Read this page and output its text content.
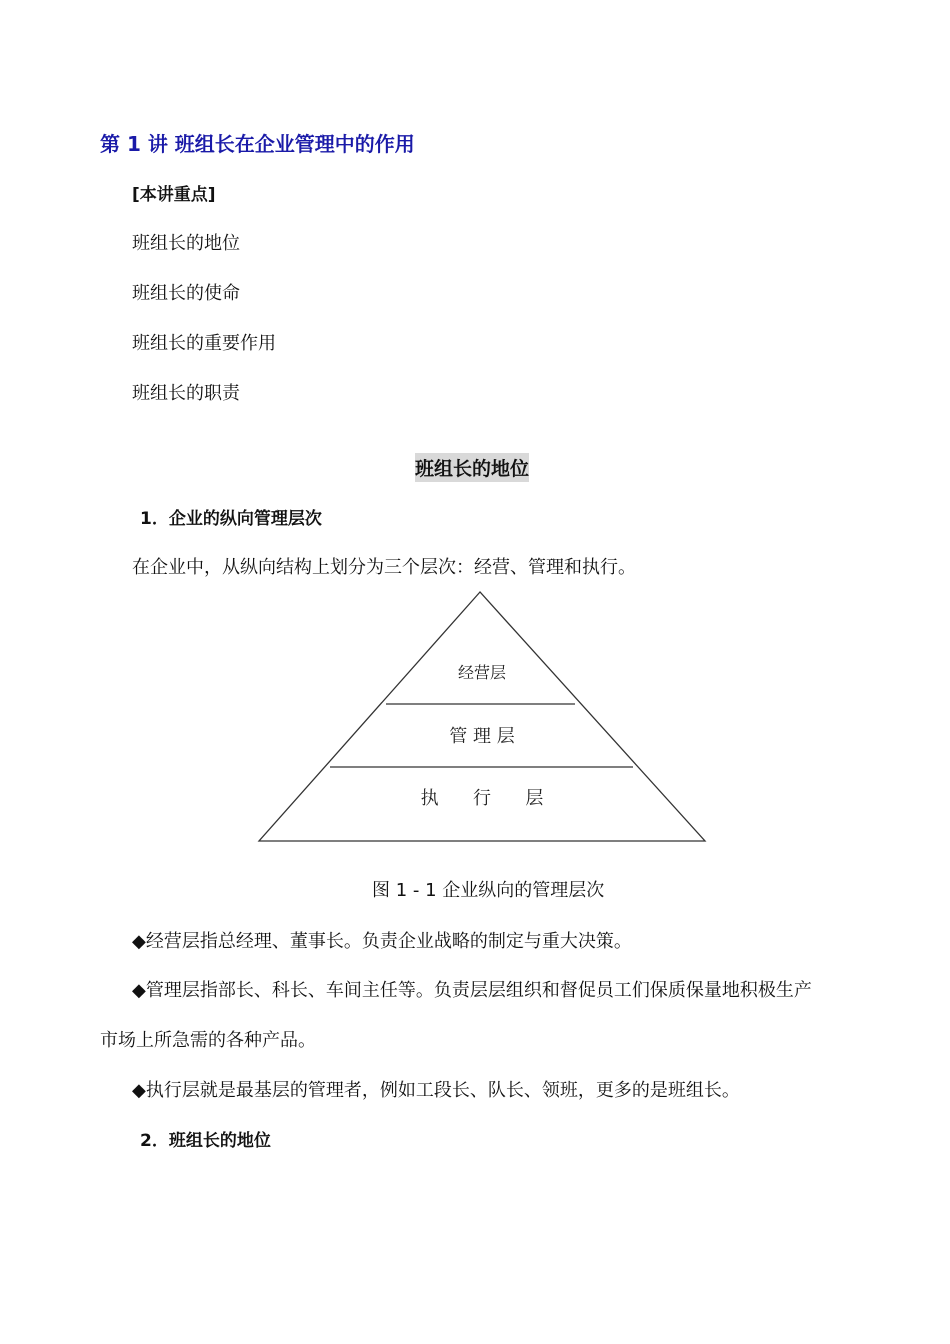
第 1 讲 班组长在企业管理中的作用
[本讲重点]
班组长的地位
班组长的使命
班组长的重要作用
班组长的职责
班组长的地位
1．企业的纵向管理层次
在企业中，从纵向结构上划分为三个层次：经营、管理和执行。
经营层
管 理 层
执      行      层
图 1 - 1 企业纵向的管理层次
◆经营层指总经理、董事长。负责企业战略的制定与重大决策。
◆管理层指部长、科长、车间主任等。负责层层组织和督促员工们保质保量地积极生产
市场上所急需的各种产品。
◆执行层就是最基层的管理者，例如工段长、队长、领班，更多的是班组长。
2．班组长的地位
